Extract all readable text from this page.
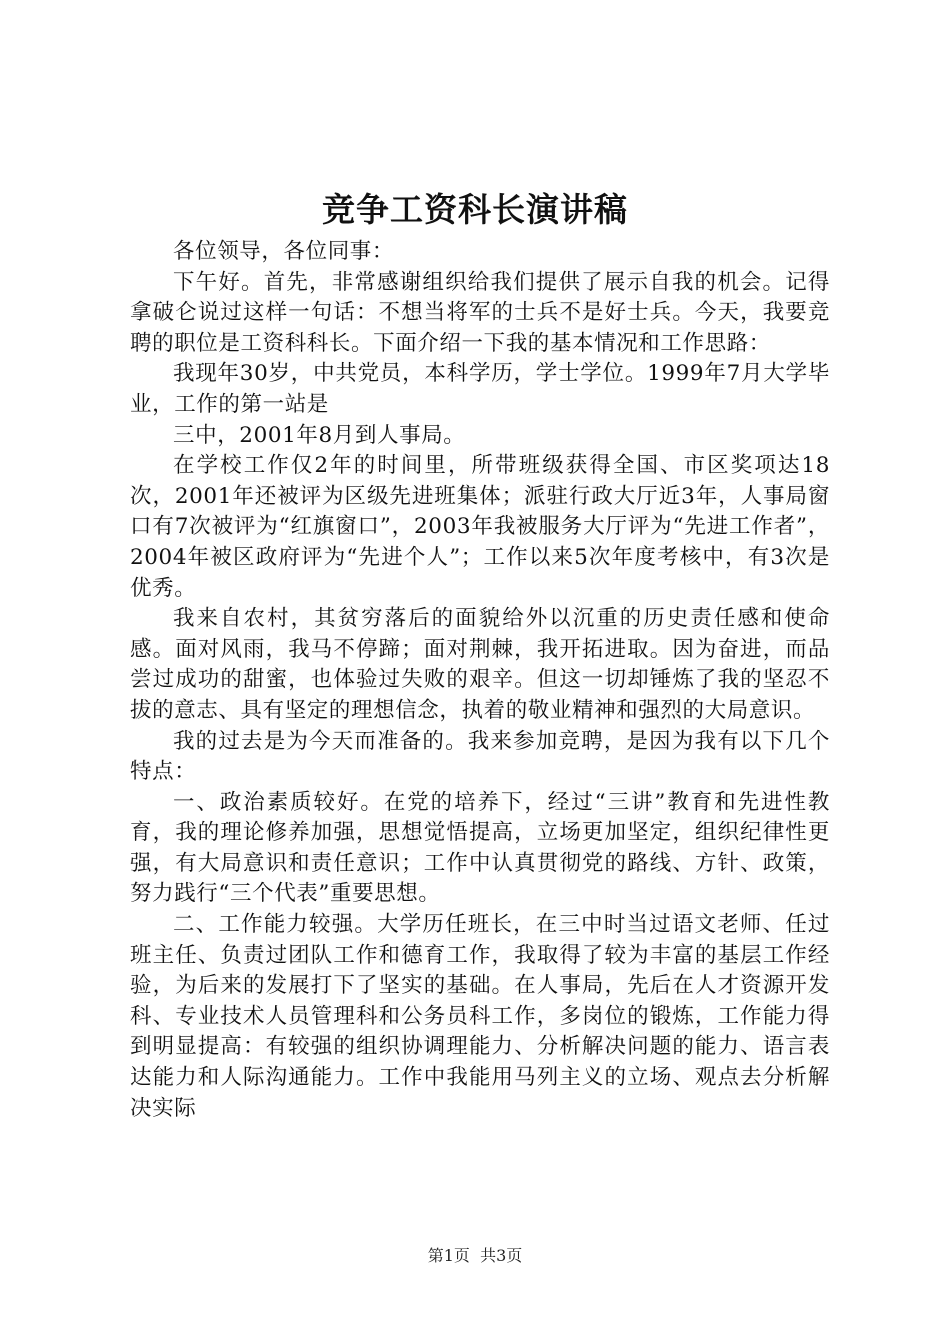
竞争工资科长演讲稿

各位领导，各位同事：

下午好。首先，非常感谢组织给我们提供了展示自我的机会。记得拿破仑说过这样一句话：不想当将军的士兵不是好士兵。今天，我要竞聘的职位是工资科科长。下面介绍一下我的基本情况和工作思路：

我现年30岁，中共党员，本科学历，学士学位。1999年7月大学毕业，工作的第一站是

三中，2001年8月到人事局。

在学校工作仅2年的时间里，所带班级获得全国、市区奖项达18次，2001年还被评为区级先进班集体；派驻行政大厅近3年，人事局窗口有7次被评为“红旗窗口”，2003年我被服务大厅评为“先进工作者”，2004年被区政府评为“先进个人”；工作以来5次年度考核中，有3次是优秀。

我来自农村，其贫穷落后的面貌给外以沉重的历史责任感和使命感。面对风雨，我马不停蹄；面对荆棘，我开拓进取。因为奋进，而品尝过成功的甜蜜，也体验过失败的艰辛。但这一切却锤炼了我的坚忍不拔的意志、具有坚定的理想信念，执着的敬业精神和强烈的大局意识。

我的过去是为今天而准备的。我来参加竞聘，是因为我有以下几个特点：

一、政治素质较好。在党的培养下，经过“三讲”教育和先进性教育，我的理论修养加强，思想觉悟提高，立场更加坚定，组织纪律性更强，有大局意识和责任意识；工作中认真贯彻党的路线、方针、政策，努力践行“三个代表”重要思想。

二、工作能力较强。大学历任班长，在三中时当过语文老师、任过班主任、负责过团队工作和德育工作，我取得了较为丰富的基层工作经验，为后来的发展打下了坚实的基础。在人事局，先后在人才资源开发科、专业技术人员管理科和公务员科工作，多岗位的锻炼，工作能力得到明显提高：有较强的组织协调理能力、分析解决问题的能力、语言表达能力和人际沟通能力。工作中我能用马列主义的立场、观点去分析解决实际

第1页  共3页
